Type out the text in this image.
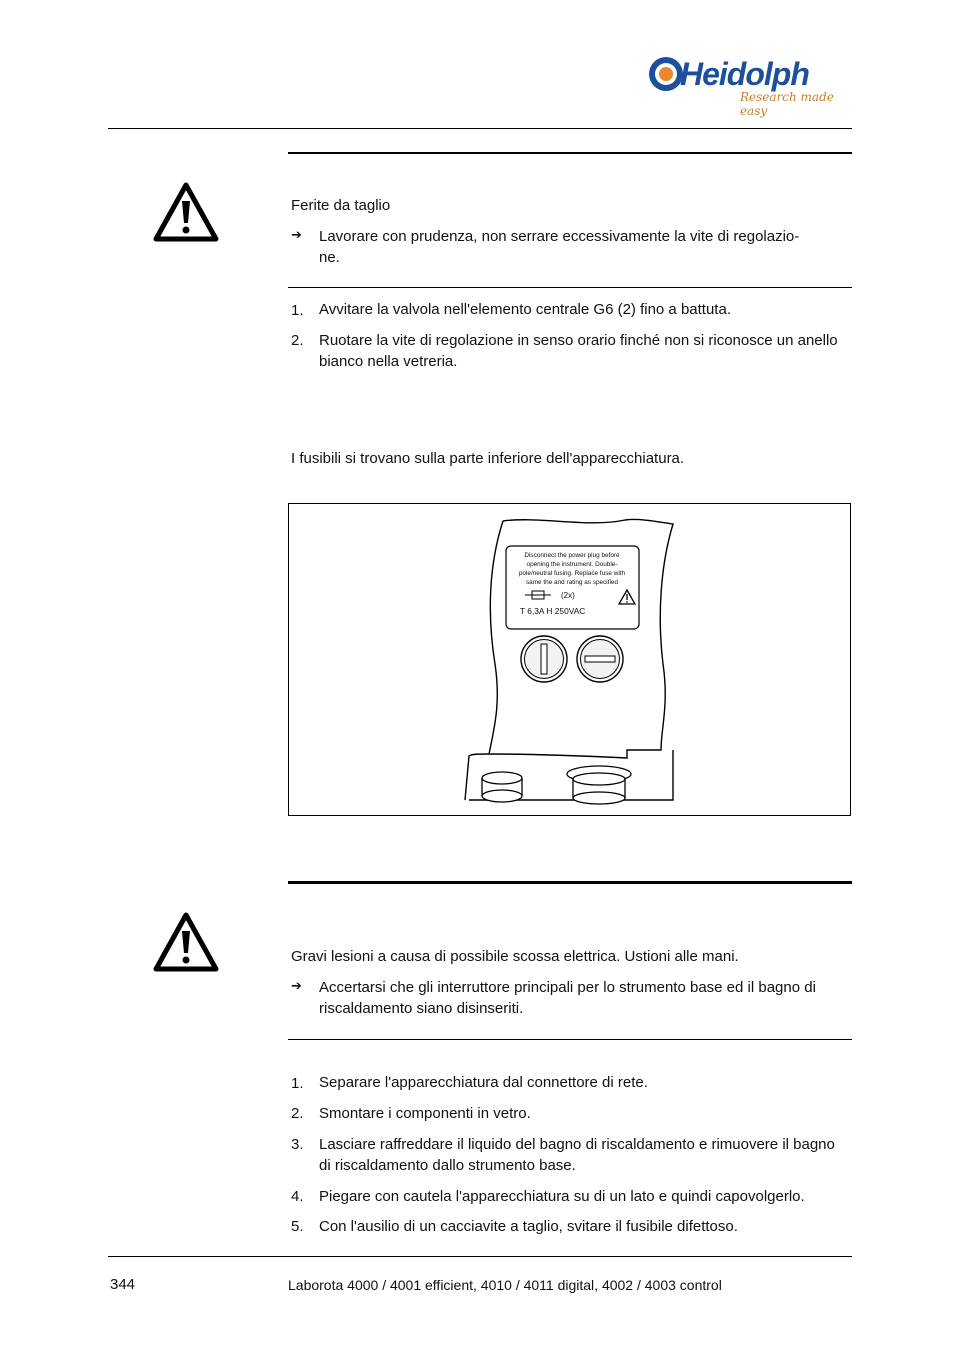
Heidolph
Research made easy
Ferite da taglio
➔ Lavorare con prudenza, non serrare eccessivamente la vite di regolazio-
ne.
1.	Avvitare la valvola nell'elemento centrale G6 (2) fino a battuta.
2.	Ruotare la vite di regolazione in senso orario finché non si riconosce un anello bianco nella vetreria.
I fusibili si trovano sulla parte inferiore dell'apparecchiatura.
Disconnect the power plug before
opening the instrument. Double-
pole/neutral fusing. Replace fuse with
same the and rating as specified
(2x)
T 6,3A H 250VAC
Gravi lesioni a causa di possibile scossa elettrica. Ustioni alle mani.
➔ Accertarsi che gli interruttore principali per lo strumento base ed il bagno di riscaldamento siano disinseriti.
1.	Separare l'apparecchiatura dal connettore di rete.
2.	Smontare i componenti in vetro.
3.	Lasciare raffreddare il liquido del bagno di riscaldamento e rimuovere il bagno di riscaldamento dallo strumento base.
4.	Piegare con cautela l'apparecchiatura su di un lato e quindi capovolgerlo.
5.	Con l'ausilio di un cacciavite a taglio, svitare il fusibile difettoso.
344	Laborota 4000 / 4001 efficient, 4010 / 4011 digital, 4002 / 4003 control
